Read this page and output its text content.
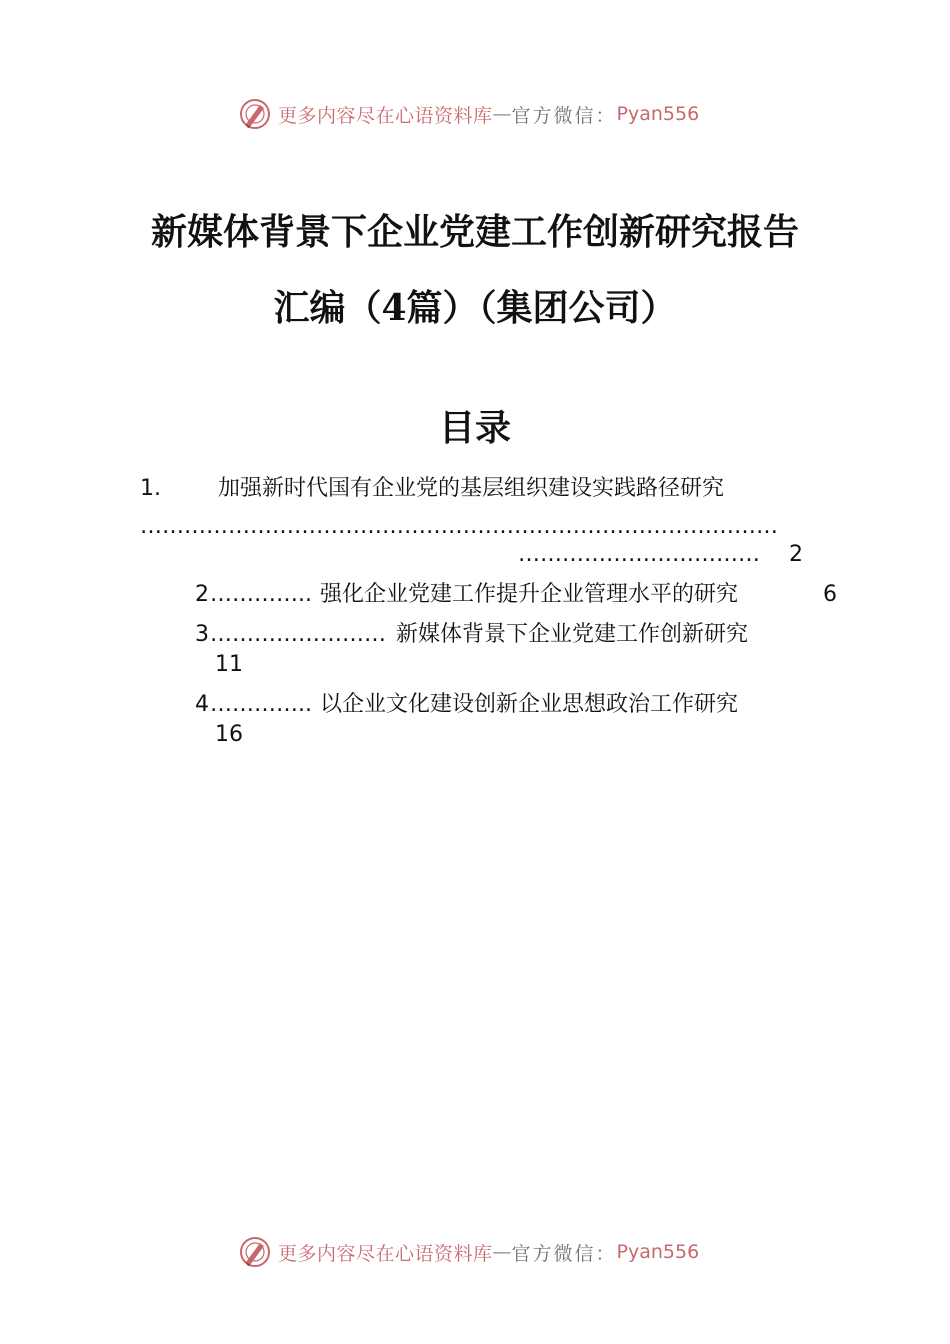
更多内容尽在心语资料库 — 官方微信： Pyan556
新媒体背景下企业党建工作创新研究报告
汇编（4篇）（集团公司）
目录
1.	加强新时代国有企业党的基层组织建设实践路径研究
……………………………………………………………………………
……………………………	2
2 ………….. 强化企业党建工作提升企业管理水平的研究	6
3 …………………… 新媒体背景下企业党建工作创新研究
11
4 ………….. 以企业文化建设创新企业思想政治工作研究
16
更多内容尽在心语资料库 — 官方微信： Pyan556
